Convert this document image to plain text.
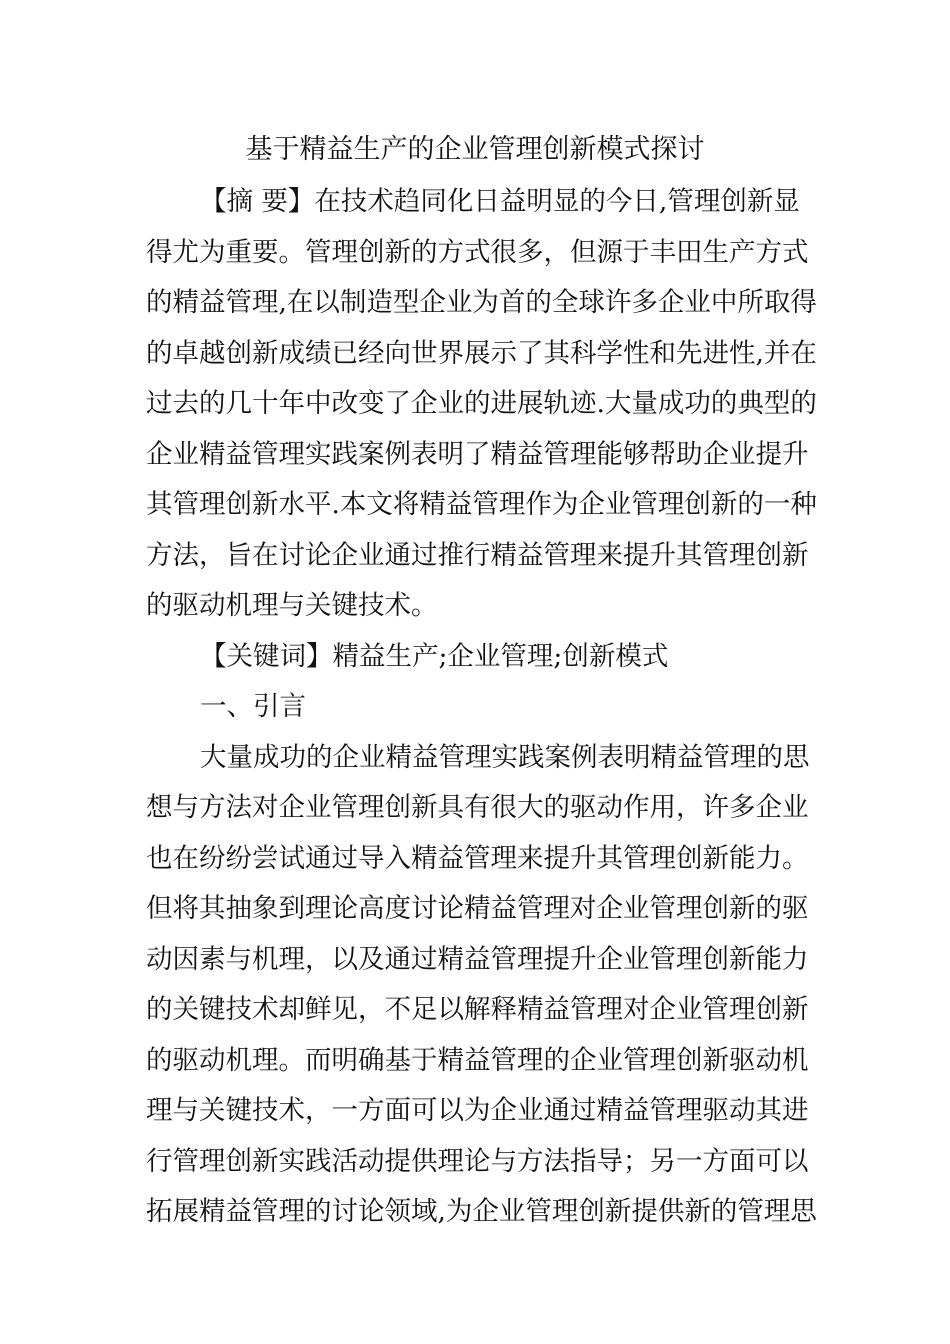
基于精益生产的企业管理创新模式探讨
【摘 要】在技术趋同化日益明显的今日,管理创新显
得尤为重要。管理创新的方式很多，但源于丰田生产方式
的精益管理,在以制造型企业为首的全球许多企业中所取得
的卓越创新成绩已经向世界展示了其科学性和先进性,并在
过去的几十年中改变了企业的进展轨迹.大量成功的典型的
企业精益管理实践案例表明了精益管理能够帮助企业提升
其管理创新水平.本文将精益管理作为企业管理创新的一种
方法，旨在讨论企业通过推行精益管理来提升其管理创新
的驱动机理与关键技术。
【关键词】精益生产;企业管理;创新模式
一、引言
大量成功的企业精益管理实践案例表明精益管理的思
想与方法对企业管理创新具有很大的驱动作用，许多企业
也在纷纷尝试通过导入精益管理来提升其管理创新能力。
但将其抽象到理论高度讨论精益管理对企业管理创新的驱
动因素与机理，以及通过精益管理提升企业管理创新能力
的关键技术却鲜见，不足以解释精益管理对企业管理创新
的驱动机理。而明确基于精益管理的企业管理创新驱动机
理与关键技术，一方面可以为企业通过精益管理驱动其进
行管理创新实践活动提供理论与方法指导；另一方面可以
拓展精益管理的讨论领域,为企业管理创新提供新的管理思
